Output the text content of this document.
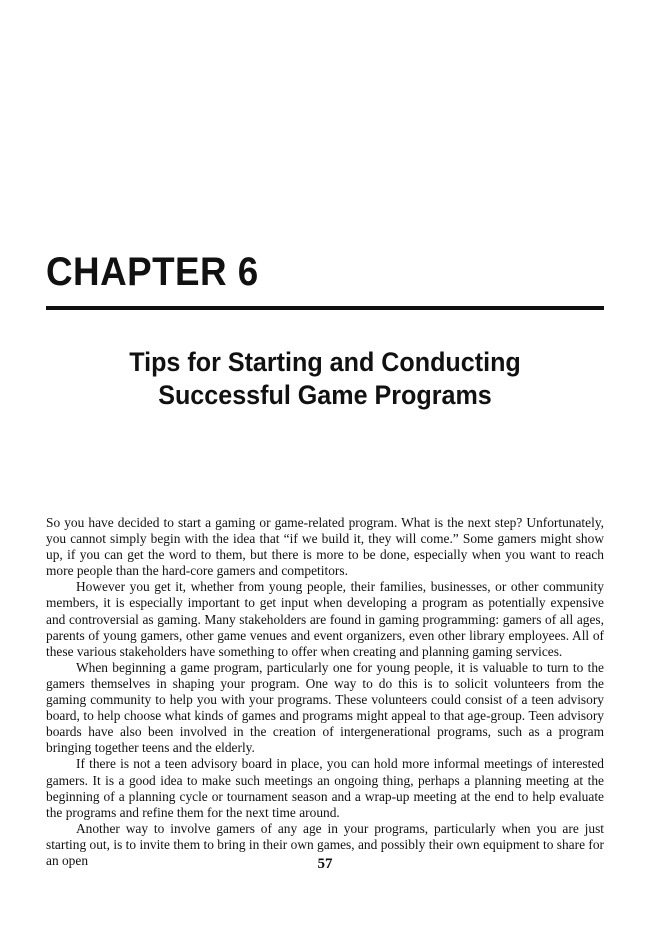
CHAPTER 6
Tips for Starting and Conducting
Successful Game Programs

So you have decided to start a gaming or game-related program. What is the next step? Unfortunately, you cannot simply begin with the idea that “if we build it, they will come.” Some gamers might show up, if you can get the word to them, but there is more to be done, especially when you want to reach more people than the hard-core gamers and competitors.

However you get it, whether from young people, their families, businesses, or other community members, it is especially important to get input when developing a program as potentially expensive and controversial as gaming. Many stakeholders are found in gaming programming: gamers of all ages, parents of young gamers, other game venues and event organizers, even other library employees. All of these various stakeholders have something to offer when creating and planning gaming services.

When beginning a game program, particularly one for young people, it is valuable to turn to the gamers themselves in shaping your program. One way to do this is to solicit volunteers from the gaming community to help you with your programs. These volunteers could consist of a teen advisory board, to help choose what kinds of games and programs might appeal to that age-group. Teen advisory boards have also been involved in the creation of intergenerational programs, such as a program bringing together teens and the elderly.

If there is not a teen advisory board in place, you can hold more informal meetings of interested gamers. It is a good idea to make such meetings an ongoing thing, perhaps a planning meeting at the beginning of a planning cycle or tournament season and a wrap-up meeting at the end to help evaluate the programs and refine them for the next time around.

Another way to involve gamers of any age in your programs, particularly when you are just starting out, is to invite them to bring in their own games, and possibly their own equipment to share for an open	57
